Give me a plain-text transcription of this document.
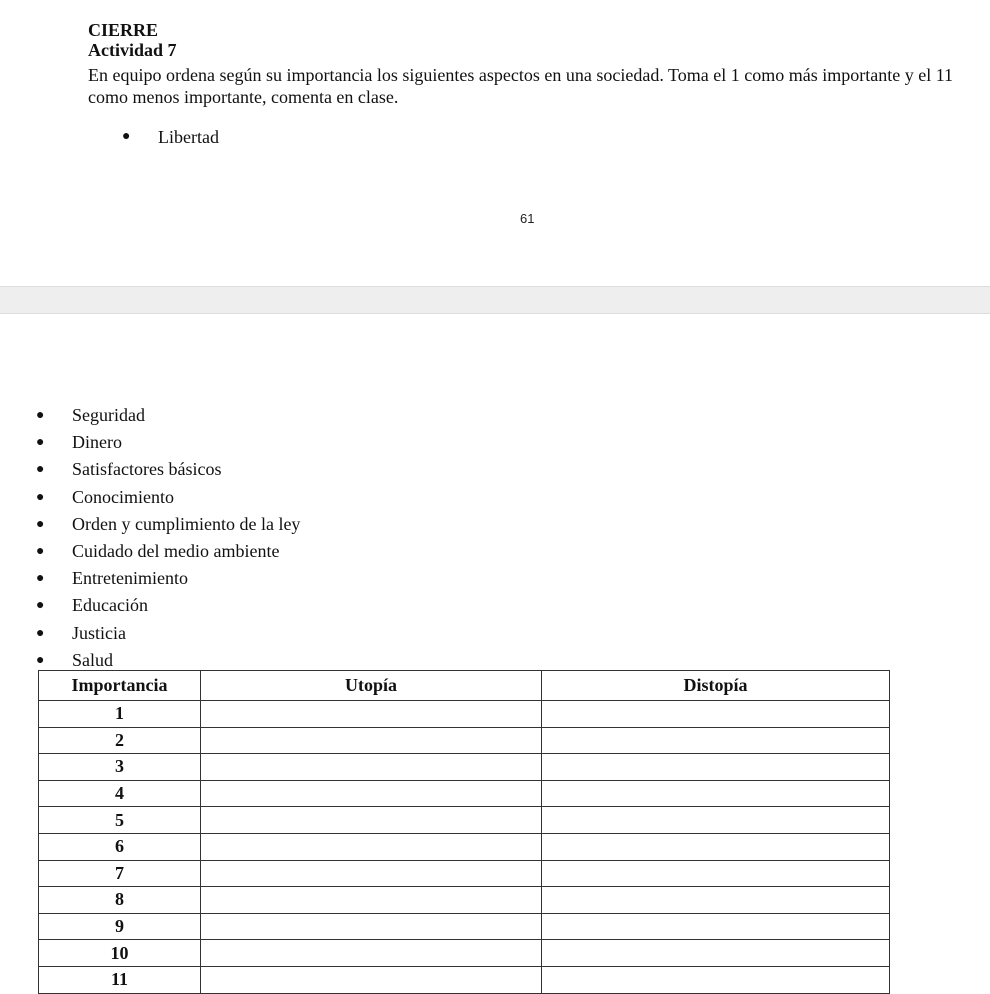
CIERRE
Actividad 7
En equipo ordena según su importancia los siguientes aspectos en una sociedad. Toma el 1 como más importante y el 11 como menos importante, comenta en clase.
● Libertad
61
● Seguridad
● Dinero
● Satisfactores básicos
● Conocimiento
● Orden y cumplimiento de la ley
● Cuidado del medio ambiente
● Entretenimiento
● Educación
● Justicia
● Salud
Importancia	Utopía	Distopía
1		
2		
3		
4		
5		
6		
7		
8		
9		
10		
11		
